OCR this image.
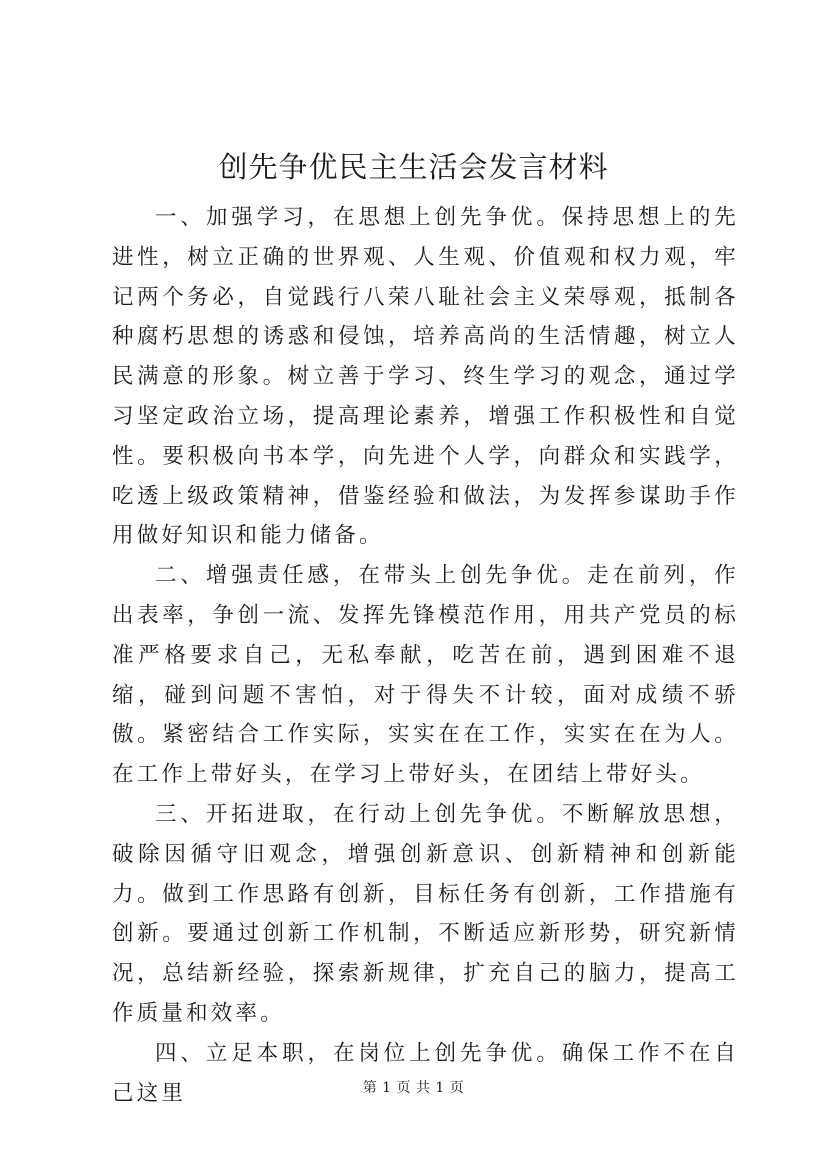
创先争优民主生活会发言材料

一、加强学习，在思想上创先争优。保持思想上的先进性，树立正确的世界观、人生观、价值观和权力观，牢记两个务必，自觉践行八荣八耻社会主义荣辱观，抵制各种腐朽思想的诱惑和侵蚀，培养高尚的生活情趣，树立人民满意的形象。树立善于学习、终生学习的观念，通过学习坚定政治立场，提高理论素养，增强工作积极性和自觉性。要积极向书本学，向先进个人学，向群众和实践学，吃透上级政策精神，借鉴经验和做法，为发挥参谋助手作用做好知识和能力储备。

二、增强责任感，在带头上创先争优。走在前列，作出表率，争创一流、发挥先锋模范作用，用共产党员的标准严格要求自己，无私奉献，吃苦在前，遇到困难不退缩，碰到问题不害怕，对于得失不计较，面对成绩不骄傲。紧密结合工作实际，实实在在工作，实实在在为人。在工作上带好头，在学习上带好头，在团结上带好头。

三、开拓进取，在行动上创先争优。不断解放思想，破除因循守旧观念，增强创新意识、创新精神和创新能力。做到工作思路有创新，目标任务有创新，工作措施有创新。要通过创新工作机制，不断适应新形势，研究新情况，总结新经验，探索新规律，扩充自己的脑力，提高工作质量和效率。

四、立足本职，在岗位上创先争优。确保工作不在自己这里	第 1 页 共 1 页
